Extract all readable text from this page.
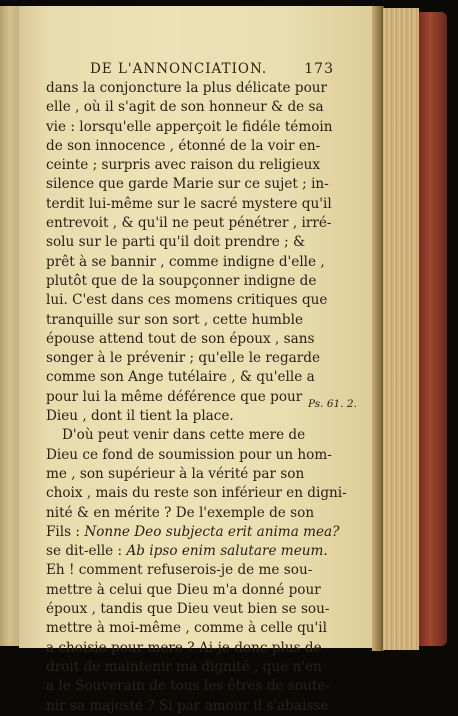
DE L'ANNONCIATION.	173
dans la conjoncture la plus délicate pour
elle , où il s'agit de son honneur & de sa
vie : lorsqu'elle apperçoit le fidéle témoin
de son innocence , étonné de la voir en-
ceinte ; surpris avec raison du religieux
silence que garde Marie sur ce sujet ; in-
terdit lui-même sur le sacré mystere qu'il
entrevoit , & qu'il ne peut pénétrer , irré-
solu sur le parti qu'il doit prendre ; &
prêt à se bannir , comme indigne d'elle ,
plutôt que de la soupçonner indigne de
lui. C'est dans ces momens critiques que
tranquille sur son sort , cette humble
épouse attend tout de son époux , sans
songer à le prévenir ; qu'elle le regarde
comme son Ange tutélaire , & qu'elle a
pour lui la même déférence que pour
Dieu , dont il tient la place.
D'où peut venir dans cette mere de
Dieu ce fond de soumission pour un hom-
me , son supérieur à la vérité par son
choix , mais du reste son inférieur en digni-
nité & en mérite ? De l'exemple de son
Fils : Nonne Deo subjecta erit anima mea?
se dit-elle : Ab ipso enim salutare meum.
Eh ! comment refuserois-je de me sou-
mettre à celui que Dieu m'a donné pour
époux , tandis que Dieu veut bien se sou-
mettre à moi-même , comme à celle qu'il
a choisie pour mere ? Ai-je donc plus de
droit de maintenir ma dignité , que n'en
a le Souverain de tous les êtres de soute-
nir sa majesté ? Si par amour il s'abaisse
Ps. 61. 2.
